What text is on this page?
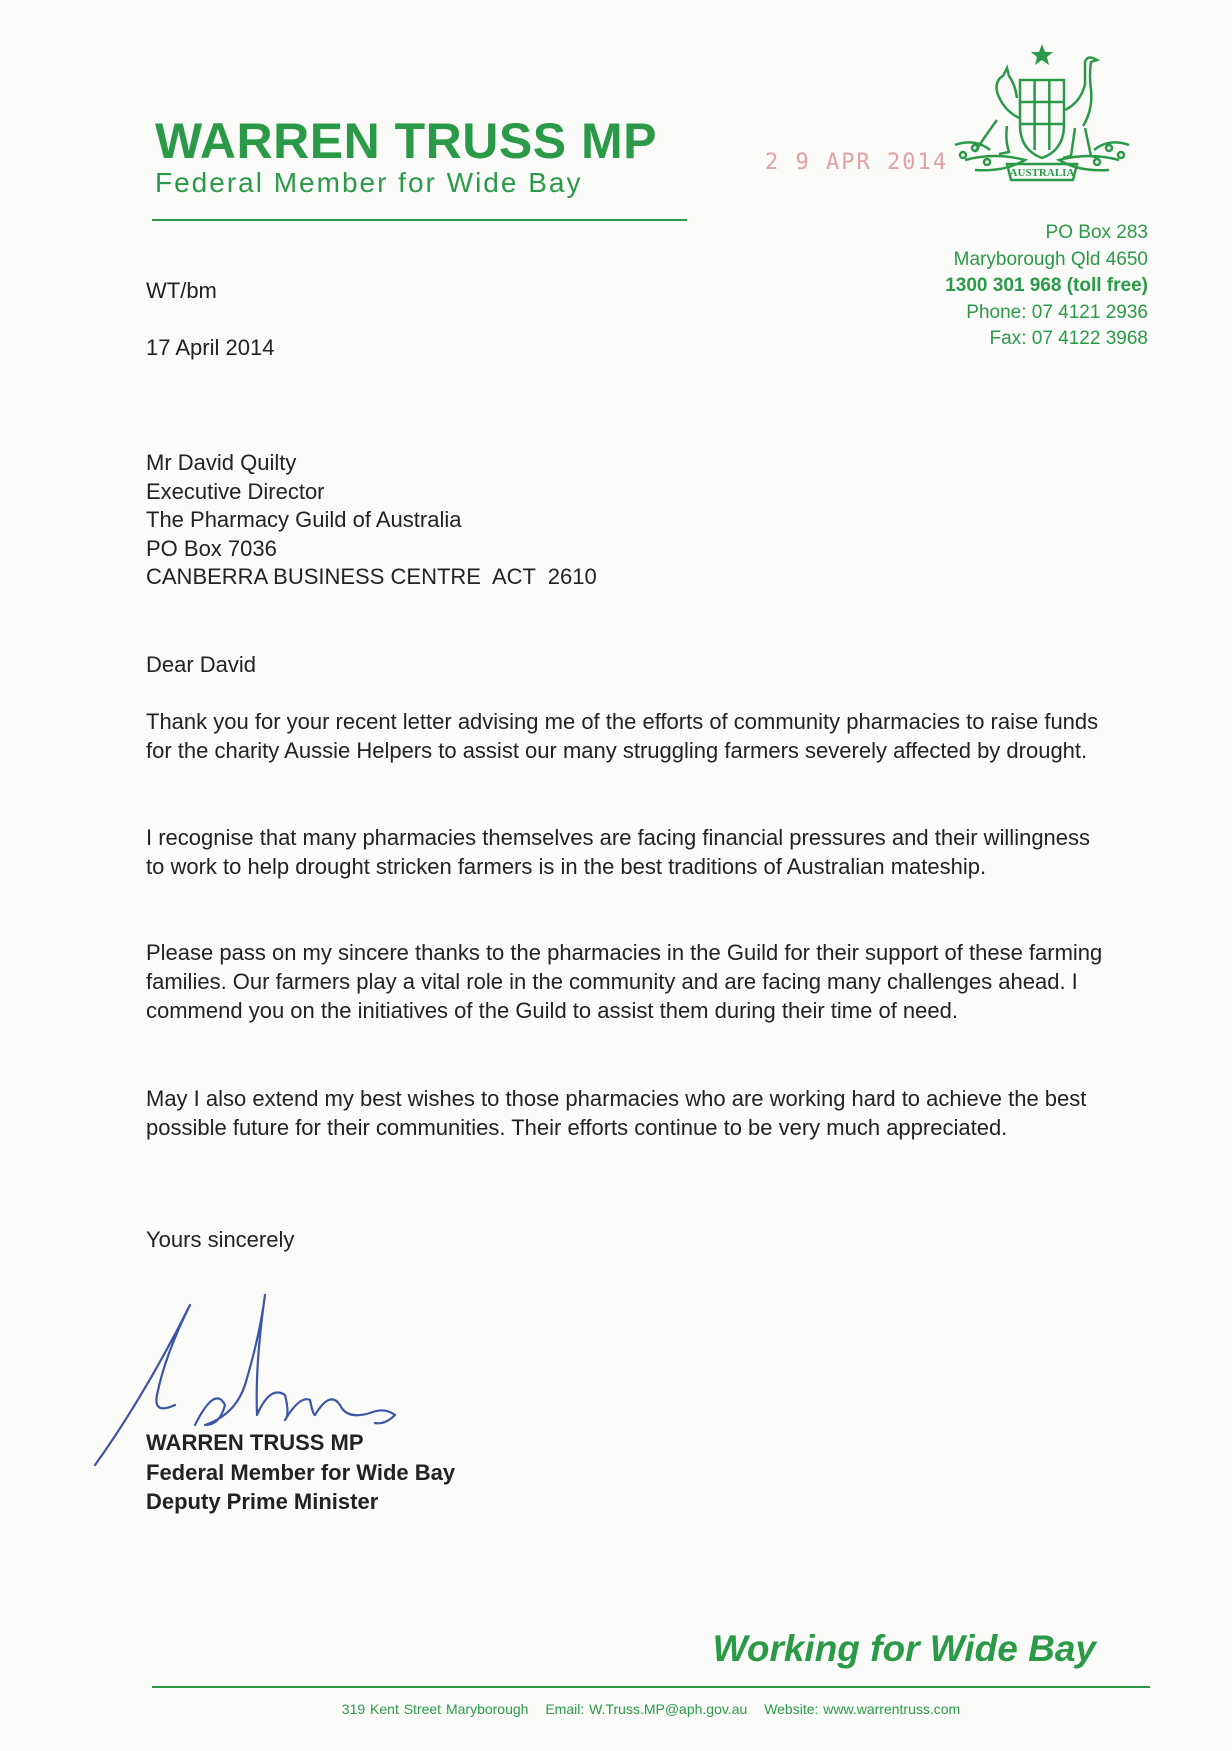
WARREN TRUSS MP
Federal Member for Wide Bay
2 9 APR 2014	AUSTRALIA
PO Box 283
Maryborough Qld 4650
1300 301 968 (toll free)
Phone: 07 4121 2936
Fax: 07 4122 3968
WT/bm
17 April 2014
Mr David Quilty
Executive Director
The Pharmacy Guild of Australia
PO Box 7036
CANBERRA BUSINESS CENTRE  ACT  2610
Dear David
Thank you for your recent letter advising me of the efforts of community pharmacies to raise funds for the charity Aussie Helpers to assist our many struggling farmers severely affected by drought.
I recognise that many pharmacies themselves are facing financial pressures and their willingness to work to help drought stricken farmers is in the best traditions of Australian mateship.
Please pass on my sincere thanks to the pharmacies in the Guild for their support of these farming families. Our farmers play a vital role in the community and are facing many challenges ahead. I commend you on the initiatives of the Guild to assist them during their time of need.
May I also extend my best wishes to those pharmacies who are working hard to achieve the best possible future for their communities. Their efforts continue to be very much appreciated.
Yours sincerely
WARREN TRUSS MP
Federal Member for Wide Bay
Deputy Prime Minister
Working for Wide Bay
319 Kent Street Maryborough Email: W.Truss.MP@aph.gov.au Website: www.warrentruss.com
